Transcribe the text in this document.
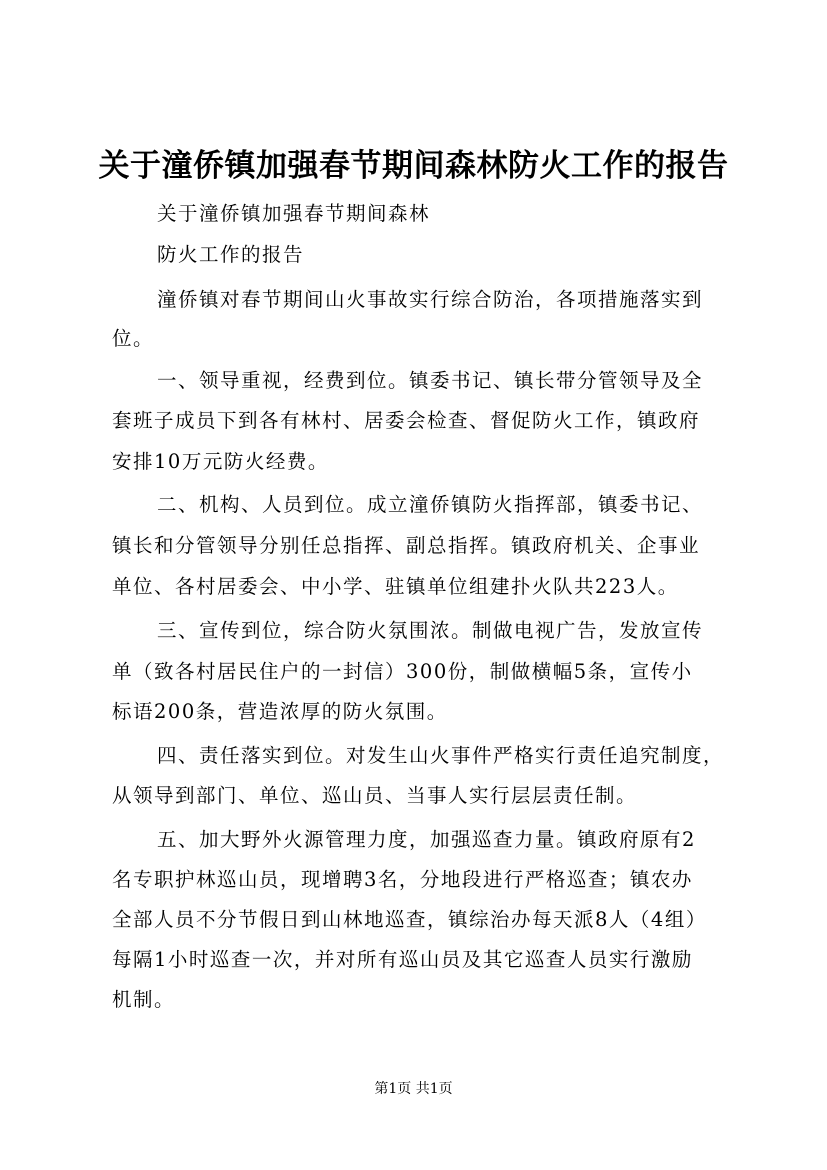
关于潼侨镇加强春节期间森林防火工作的报告
关于潼侨镇加强春节期间森林
防火工作的报告
潼侨镇对春节期间山火事故实行综合防治，各项措施落实到
位。
一、领导重视，经费到位。镇委书记、镇长带分管领导及全
套班子成员下到各有林村、居委会检查、督促防火工作，镇政府
安排10万元防火经费。
二、机构、人员到位。成立潼侨镇防火指挥部，镇委书记、
镇长和分管领导分别任总指挥、副总指挥。镇政府机关、企事业
单位、各村居委会、中小学、驻镇单位组建扑火队共223人。
三、宣传到位，综合防火氛围浓。制做电视广告，发放宣传
单（致各村居民住户的一封信）300份，制做横幅5条，宣传小
标语200条，营造浓厚的防火氛围。
四、责任落实到位。对发生山火事件严格实行责任追究制度，
从领导到部门、单位、巡山员、当事人实行层层责任制。
五、加大野外火源管理力度，加强巡查力量。镇政府原有2
名专职护林巡山员，现增聘3名，分地段进行严格巡查；镇农办
全部人员不分节假日到山林地巡查，镇综治办每天派8人（4组）
每隔1小时巡查一次，并对所有巡山员及其它巡查人员实行激励
机制。
第1页 共1页
